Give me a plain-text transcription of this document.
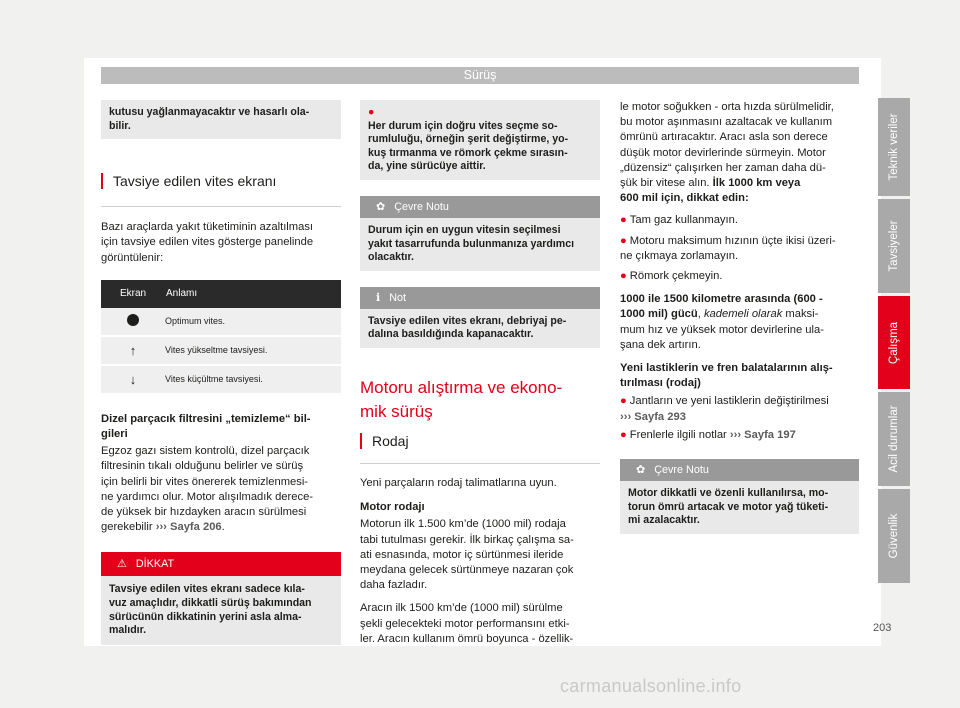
Sürüş
kutusu yağlanmayacaktır ve hasarlı ola-
bilir.
Tavsiye edilen vites ekranı

Bazı araçlarda yakıt tüketiminin azaltılması
için tavsiye edilen vites gösterge panelinde
görüntülenir:

Ekran	Anlamı
	Optimum vites.
↑	Vites yükseltme tavsiyesi.
↓	Vites küçültme tavsiyesi.

Dizel parçacık filtresini „temizleme“ bil-
gileri

Egzoz gazı sistem kontrolü, dizel parçacık
filtresinin tıkalı olduğunu belirler ve sürüş
için belirli bir vites önererek temizlenmesi-
ne yardımcı olur. Motor alışılmadık derece-
de yüksek bir hızdayken aracın sürülmesi
gerekebilir ››› Sayfa 206.

⚠ DİKKAT
Tavsiye edilen vites ekranı sadece kıla-
vuz amaçlıdır, dikkatli sürüş bakımından
sürücünün dikkatinin yerini asla alma-
malıdır.
●
Her durum için doğru vites seçme so-
rumluluğu, örneğin şerit değiştirme, yo-
kuş tırmanma ve römork çekme sırasın-
da, yine sürücüye aittir.
✿ Çevre Notu
Durum için en uygun vitesin seçilmesi
yakıt tasarrufunda bulunmanıza yardımcı
olacaktır.
ℹ Not
Tavsiye edilen vites ekranı, debriyaj pe-
dalına basıldığında kapanacaktır.
Motoru alıştırma ve ekono-
mik sürüş
Rodaj

Yeni parçaların rodaj talimatlarına uyun.

Motor rodajı

Motorun ilk 1.500 km’de (1000 mil) rodaja
tabi tutulması gerekir. İlk birkaç çalışma sa-
ati esnasında, motor iç sürtünmesi ileride
meydana gelecek sürtünmeye nazaran çok
daha fazladır.

Aracın ilk 1500 km’de (1000 mil) sürülme
şekli gelecekteki motor performansını etki-
ler. Aracın kullanım ömrü boyunca - özellik-

le motor soğukken - orta hızda sürülmelidir,
bu motor aşınmasını azaltacak ve kullanım
ömrünü artıracaktır. Aracı asla son derece
düşük motor devirlerinde sürmeyin. Motor
„düzensiz“ çalışırken her zaman daha dü-
şük bir vitese alın. İlk 1000 km veya
600 mil için, dikkat edin:

● Tam gaz kullanmayın.

● Motoru maksimum hızının üçte ikisi üzeri-
ne çıkmaya zorlamayın.

● Römork çekmeyin.

1000 ile 1500 kilometre arasında (600 -
1000 mil) gücü, kademeli olarak maksi-
mum hız ve yüksek motor devirlerine ula-
şana dek artırın.

Yeni lastiklerin ve fren balatalarının alış-
tırılması (rodaj)

● Jantların ve yeni lastiklerin değiştirilmesi
››› Sayfa 293

● Frenlerle ilgili notlar ››› Sayfa 197

✿ Çevre Notu
Motor dikkatli ve özenli kullanılırsa, mo-
torun ömrü artacak ve motor yağ tüketi-
mi azalacaktır.
Teknik veriler
Tavsiyeler
Çalışma
Acil durumlar
Güvenlik
203
carmanualsonline.info
